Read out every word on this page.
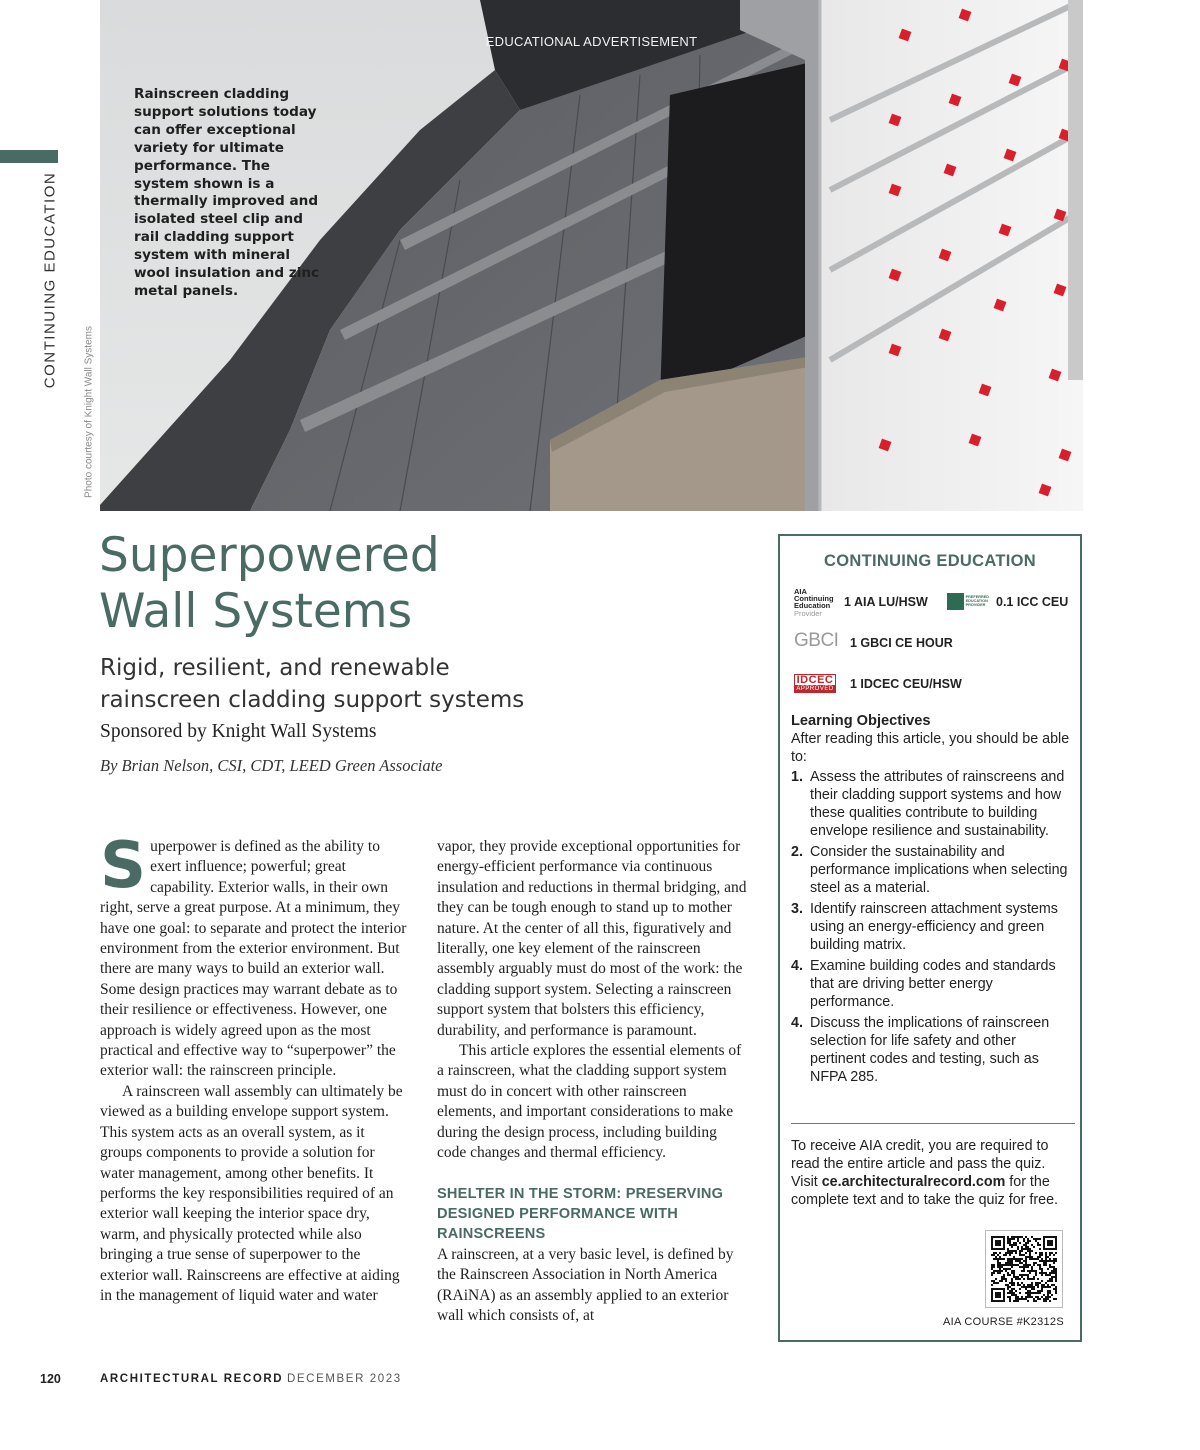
CONTINUING EDUCATION
Photo courtesy of Knight Wall Systems
EDUCATIONAL ADVERTISEMENT
Rainscreen cladding support solutions today can offer exceptional variety for ultimate performance. The system shown is a thermally improved and isolated steel clip and rail cladding support system with mineral wool insulation and zinc metal panels.
Superpowered
Wall Systems
Rigid, resilient, and renewable
rainscreen cladding support systems
Sponsored by Knight Wall Systems
By Brian Nelson, CSI, CDT, LEED Green Associate

Superpower is defined as the ability to exert influence; powerful; great capability. Exterior walls, in their own right, serve a great purpose. At a minimum, they have one goal: to separate and protect the interior environment from the exterior environment. But there are many ways to build an exterior wall. Some design practices may warrant debate as to their resilience or effectiveness. However, one approach is widely agreed upon as the most practical and effective way to “superpower” the exterior wall: the rainscreen principle.

A rainscreen wall assembly can ultimately be viewed as a building envelope support system. This system acts as an overall system, as it groups components to provide a solution for water management, among other benefits. It performs the key responsibilities required of an exterior wall keeping the interior space dry, warm, and physically protected while also bringing a true sense of superpower to the exterior wall. Rainscreens are effective at aiding in the management of liquid water and water

vapor, they provide exceptional opportunities for energy-efficient performance via continuous insulation and reductions in thermal bridging, and they can be tough enough to stand up to mother nature. At the center of all this, figuratively and literally, one key element of the rainscreen assembly arguably must do most of the work: the cladding support system. Selecting a rainscreen support system that bolsters this efficiency, durability, and performance is paramount.

This article explores the essential elements of a rainscreen, what the cladding support system must do in concert with other rainscreen elements, and important considerations to make during the design process, including building code changes and thermal efficiency.

SHELTER IN THE STORM: PRESERVING DESIGNED PERFORMANCE WITH RAINSCREENS

A rainscreen, at a very basic level, is defined by the Rainscreen Association in North America (RAiNA) as an assembly applied to an exterior wall which consists of, at

CONTINUING EDUCATION
AIA
Continuing
Education
Provider
1 AIA LU/HSW	PREFERRED
EDUCATION
PROVIDER 0.1 ICC CEU
GBCI 1 GBCI CE HOUR
IDCEC
APPROVED 1 IDCEC CEU/HSW
Learning Objectives
After reading this article, you should be able to:
1. Assess the attributes of rainscreens and their cladding support systems and how these qualities contribute to building envelope resilience and sustainability.
2. Consider the sustainability and performance implications when selecting steel as a material.
3. Identify rainscreen attachment systems using an energy-efficiency and green building matrix.
4. Examine building codes and standards that are driving better energy performance.
4. Discuss the implications of rainscreen selection for life safety and other pertinent codes and testing, such as NFPA 285.
To receive AIA credit, you are required to read the entire article and pass the quiz. Visit ce.architecturalrecord.com for the complete text and to take the quiz for free.
AIA COURSE #K2312S
120	ARCHITECTURAL RECORD DECEMBER 2023
